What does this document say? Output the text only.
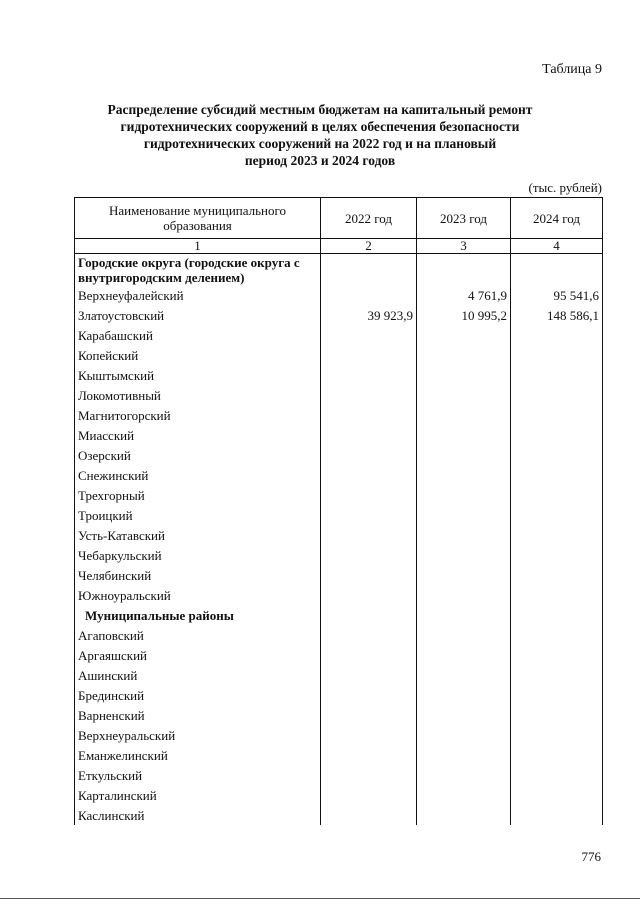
Таблица 9
Распределение субсидий местным бюджетам на капитальный ремонт
гидротехнических сооружений в целях обеспечения безопасности
гидротехнических сооружений на 2022 год и на плановый
период 2023 и 2024 годов
(тыс. рублей)
Наименование муниципального образования	2022 год	2023 год	2024 год
1	2	3	4
Городские округа (городские округа с внутригородским делением)			
Верхнеуфалейский		4 761,9	95 541,6
Златоустовский	39 923,9	10 995,2	148 586,1
Карабашский			
Копейский			
Кыштымский			
Локомотивный			
Магнитогорский			
Миасский			
Озерский			
Снежинский			
Трехгорный			
Троицкий			
Усть-Катавский			
Чебаркульский			
Челябинский			
Южноуральский			
Муниципальные районы			
Агаповский			
Аргаяшский			
Ашинский			
Брединский			
Варненский			
Верхнеуральский			
Еманжелинский			
Еткульский			
Карталинский			
Каслинский			
776
